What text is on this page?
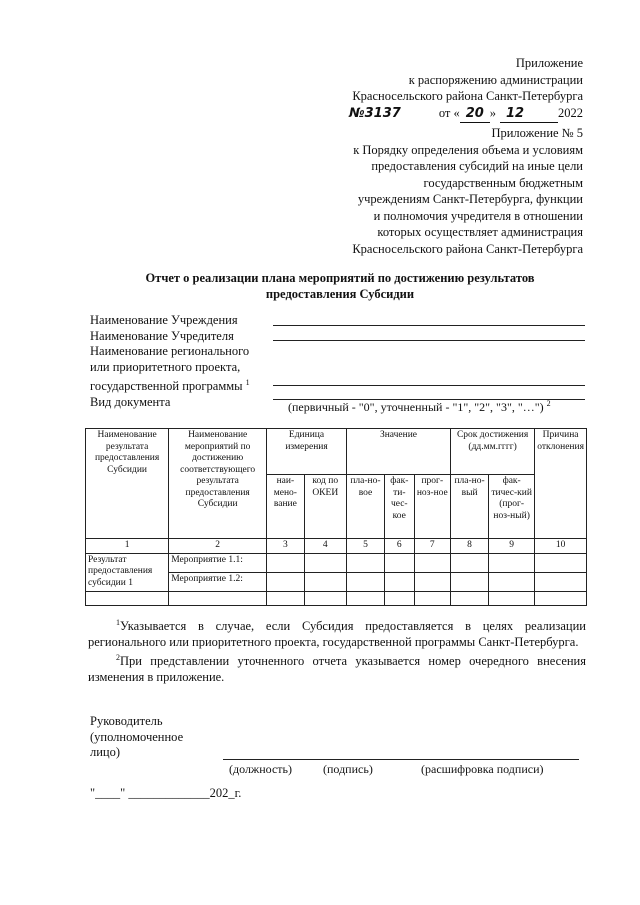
Приложение
к распоряжению администрации
Красносельского района Санкт-Петербурга
№3137	от « 20 » 12	2022
Приложение № 5
к Порядку определения объема и условиям
предоставления субсидий на иные цели
государственным бюджетным
учреждениям Санкт-Петербурга, функции
и полномочия учредителя в отношении
которых осуществляет администрация
Красносельского района Санкт-Петербурга
Отчет о реализации плана мероприятий по достижению результатов
предоставления Субсидии
Наименование Учреждения
Наименование Учредителя
Наименование регионального
или приоритетного проекта,
государственной программы $^1$
Вид документа	(первичный - "0", уточненный - "1", "2", "3", "…") $^2$
Наименование результата предоставления Субсидии	Наименование мероприятий по достижению соответствующего результата предоставления Субсидии	Единица измерения		Значение			Срок достижения (дд.мм.гггг)		Причина отклонения
		наи-мено-вание	код по ОКЕИ	пла-но-вое	фак-ти-чес-кое	прог-ноз-ное	пла-но-вый	фак-тичес-кий (прог-ноз-ный)	
1	2	3	4	5	6	7	8	9	10
Результат предоставления субсидии 1	Мероприятие 1.1:								
	Мероприятие 1.2:								

$^1$Указывается в случае, если Субсидия предоставляется в целях реализации регионального или приоритетного проекта, государственной программы Санкт-Петербурга.

$^2$При представлении уточненного отчета указывается номер очередного внесения изменения в приложение.

Руководитель
(уполномоченное
лицо)
(должность)	(подпись)	(расшифровка подписи)
"____" _____________202_г.
